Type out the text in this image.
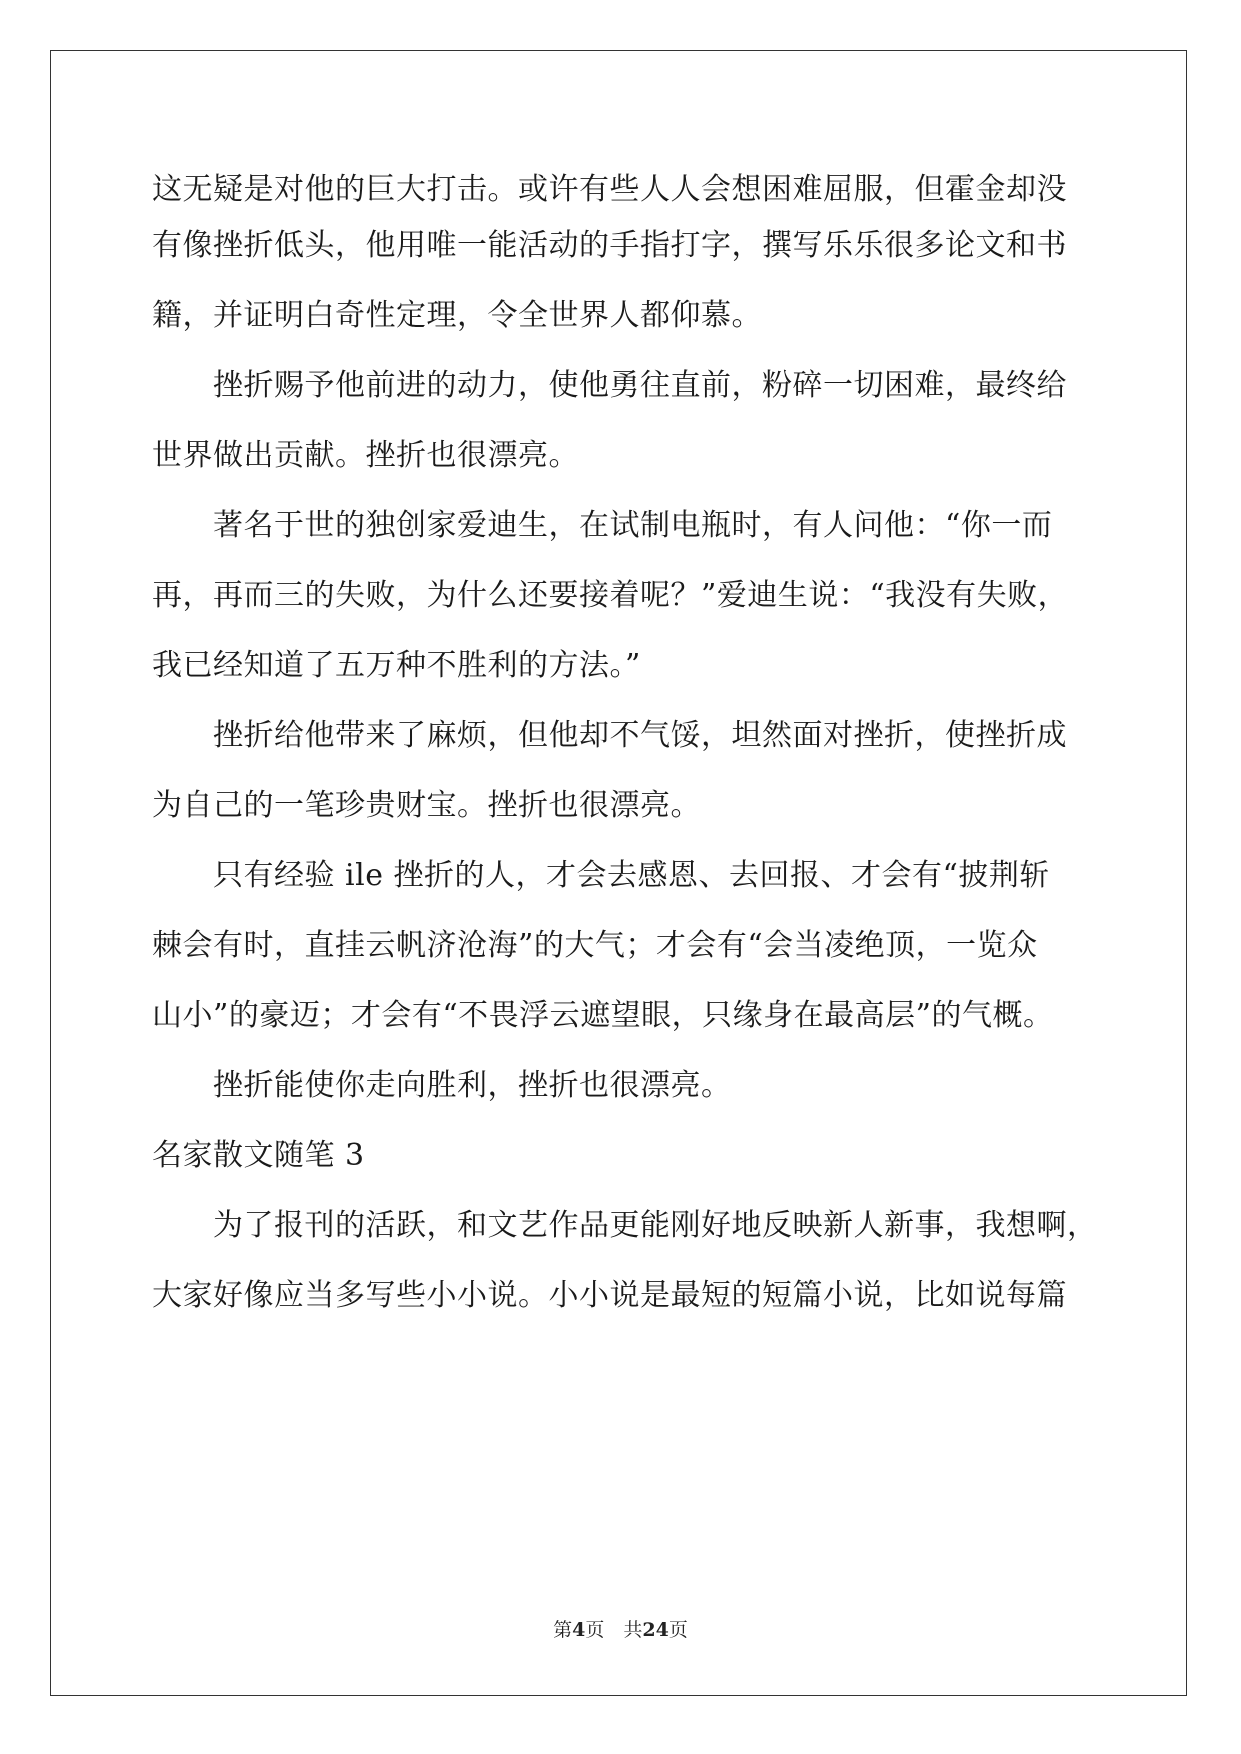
这无疑是对他的巨大打击。或许有些人人会想困难屈服，但霍金却没
有像挫折低头，他用唯一能活动的手指打字，撰写乐乐很多论文和书
籍，并证明白奇性定理，令全世界人都仰慕。
挫折赐予他前进的动力，使他勇往直前，粉碎一切困难，最终给
世界做出贡献。挫折也很漂亮。
著名于世的独创家爱迪生，在试制电瓶时，有人问他：“你一而
再，再而三的失败，为什么还要接着呢？”爱迪生说：“我没有失败，
我已经知道了五万种不胜利的方法。”
挫折给他带来了麻烦，但他却不气馁，坦然面对挫折，使挫折成
为自己的一笔珍贵财宝。挫折也很漂亮。
只有经验 ile 挫折的人，才会去感恩、去回报、才会有“披荆斩
棘会有时，直挂云帆济沧海”的大气；才会有“会当凌绝顶，一览众
山小”的豪迈；才会有“不畏浮云遮望眼，只缘身在最高层”的气概。
挫折能使你走向胜利，挫折也很漂亮。
名家散文随笔 3
为了报刊的活跃，和文艺作品更能刚好地反映新人新事，我想啊，
大家好像应当多写些小小说。小小说是最短的短篇小说，比如说每篇
第4页　共24页
